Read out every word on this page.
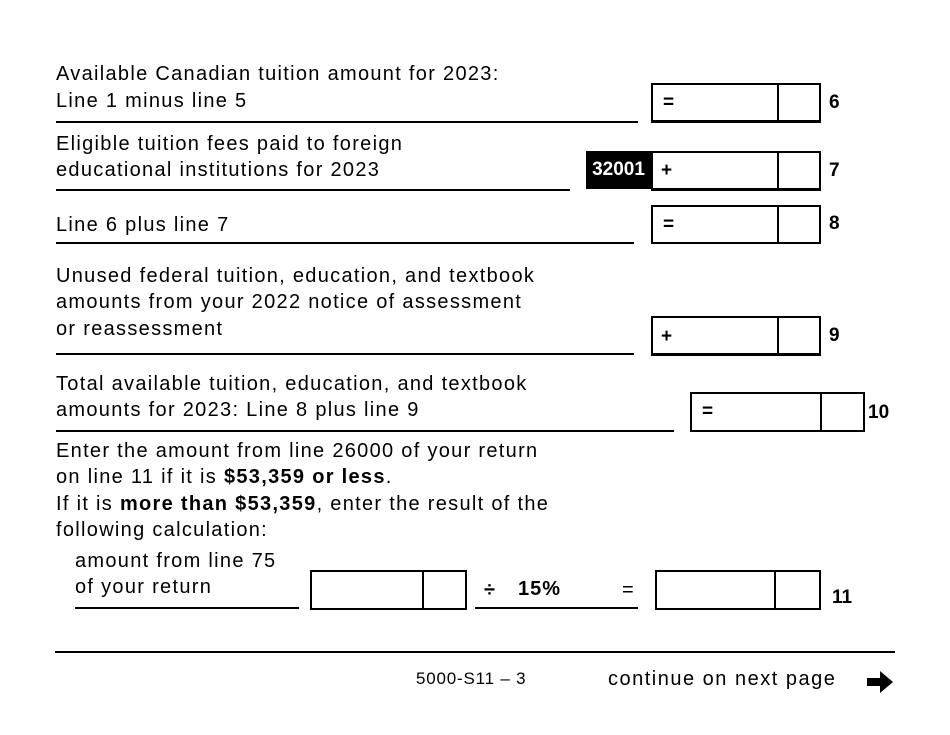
Available Canadian tuition amount for 2023:
Line 1 minus line 5	=	6
Eligible tuition fees paid to foreign
educational institutions for 2023	32001 +	7
Line 6 plus line 7	=	8
Unused federal tuition, education, and textbook
amounts from your 2022 notice of assessment
or reassessment	+	9
Total available tuition, education, and textbook
amounts for 2023: Line 8 plus line 9	=	10
Enter the amount from line 26000 of your return
on line 11 if it is $53,359 or less.
If it is more than $53,359, enter the result of the
following calculation:
amount from line 75
of your return	÷ 15%	=	11
5000-S11 – 3	continue on next page
